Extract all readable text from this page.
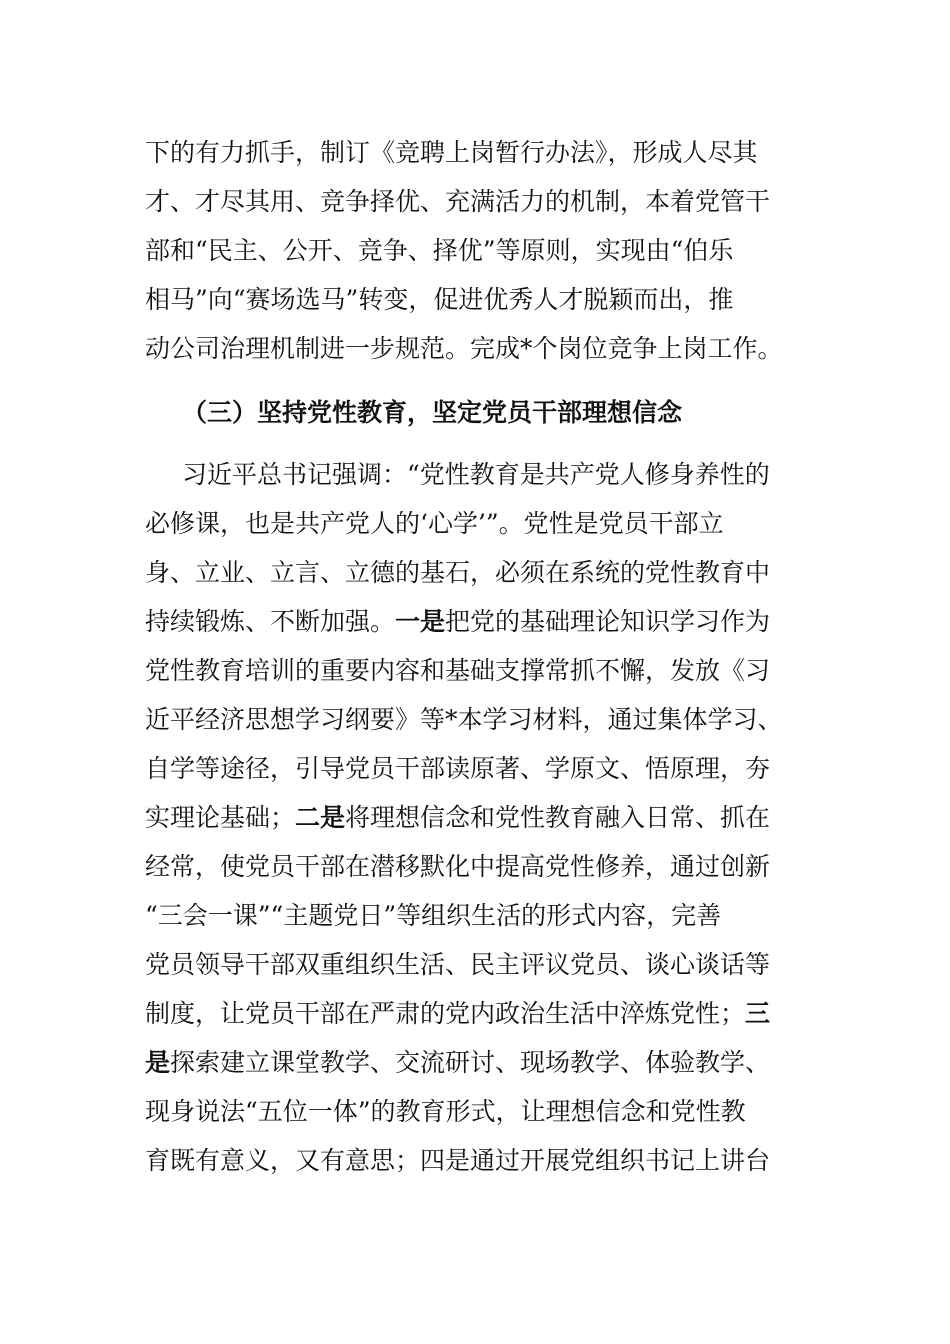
下的有力抓手，制订《竞聘上岗暂行办法》，形成人尽其
才、才尽其用、竞争择优、充满活力的机制，本着党管干
部和“民主、公开、竞争、择优”等原则，实现由“伯乐
相马”向“赛场选马”转变，促进优秀人才脱颖而出，推
动公司治理机制进一步规范。完成*个岗位竞争上岗工作。
（三）坚持党性教育，坚定党员干部理想信念
习近平总书记强调：“党性教育是共产党人修身养性的
必修课，也是共产党人的‘心学’”。党性是党员干部立
身、立业、立言、立德的基石，必须在系统的党性教育中
持续锻炼、不断加强。一是把党的基础理论知识学习作为
党性教育培训的重要内容和基础支撑常抓不懈，发放《习
近平经济思想学习纲要》等*本学习材料，通过集体学习、
自学等途径，引导党员干部读原著、学原文、悟原理，夯
实理论基础；二是将理想信念和党性教育融入日常、抓在
经常，使党员干部在潜移默化中提高党性修养，通过创新
“三会一课”“主题党日”等组织生活的形式内容，完善
党员领导干部双重组织生活、民主评议党员、谈心谈话等
制度，让党员干部在严肃的党内政治生活中淬炼党性；三
是探索建立课堂教学、交流研讨、现场教学、体验教学、
现身说法“五位一体”的教育形式，让理想信念和党性教
育既有意义，又有意思；四是通过开展党组织书记上讲台
